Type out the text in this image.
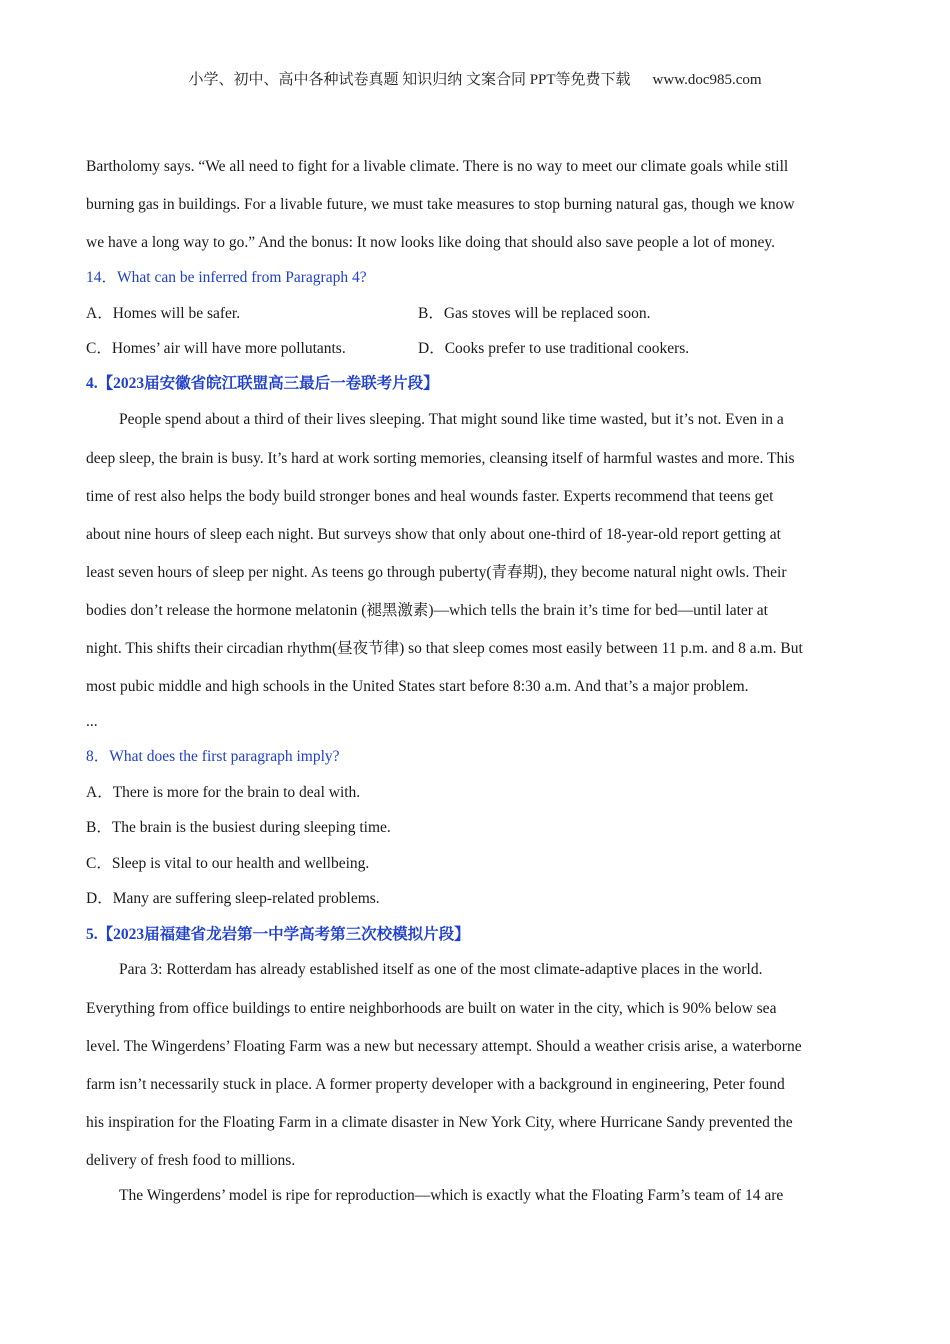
小学、初中、高中各种试卷真题 知识归纳 文案合同 PPT等免费下载 www.doc985.com
Bartholomy says. “We all need to fight for a livable climate. There is no way to meet our climate goals while still
burning gas in buildings. For a livable future, we must take measures to stop burning natural gas, though we know
we have a long way to go.” And the bonus: It now looks like doing that should also save people a lot of money.
14．What can be inferred from Paragraph 4?
A．Homes will be safer.	B．Gas stoves will be replaced soon.
C．Homes’ air will have more pollutants.	D．Cooks prefer to use traditional cookers.
4.【2023届安徽省皖江联盟高三最后一卷联考片段】
People spend about a third of their lives sleeping. That might sound like time wasted, but it’s not. Even in a
deep sleep, the brain is busy. It’s hard at work sorting memories, cleansing itself of harmful wastes and more. This
time of rest also helps the body build stronger bones and heal wounds faster. Experts recommend that teens get
about nine hours of sleep each night. But surveys show that only about one-third of 18-year-old report getting at
least seven hours of sleep per night. As teens go through puberty(青春期), they become natural night owls. Their
bodies don’t release the hormone melatonin (褪黑激素)—which tells the brain it’s time for bed—until later at
night. This shifts their circadian rhythm(昼夜节律) so that sleep comes most easily between 11 p.m. and 8 a.m. But
most pubic middle and high schools in the United States start before 8:30 a.m. And that’s a major problem.
...
8．What does the first paragraph imply?
A．There is more for the brain to deal with.
B．The brain is the busiest during sleeping time.
C．Sleep is vital to our health and wellbeing.
D．Many are suffering sleep-related problems.
5.【2023届福建省龙岩第一中学高考第三次校模拟片段】
Para 3: Rotterdam has already established itself as one of the most climate-adaptive places in the world.
Everything from office buildings to entire neighborhoods are built on water in the city, which is 90% below sea
level. The Wingerdens’ Floating Farm was a new but necessary attempt. Should a weather crisis arise, a waterborne
farm isn’t necessarily stuck in place. A former property developer with a background in engineering, Peter found
his inspiration for the Floating Farm in a climate disaster in New York City, where Hurricane Sandy prevented the
delivery of fresh food to millions.
The Wingerdens’ model is ripe for reproduction—which is exactly what the Floating Farm’s team of 14 are
